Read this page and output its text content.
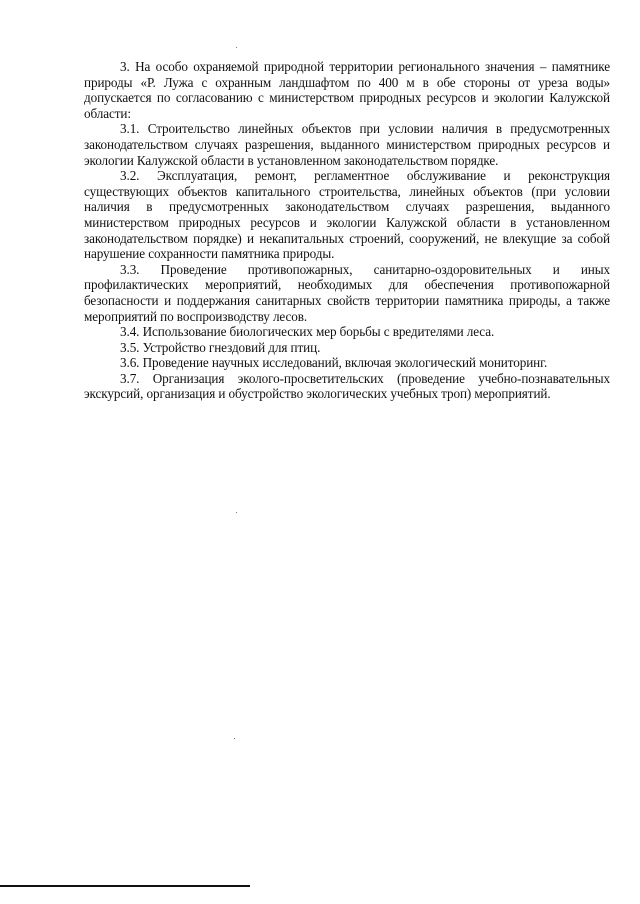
3. На особо охраняемой природной территории регионального значения – памятнике природы «Р. Лужа с охранным ландшафтом по 400 м в обе стороны от уреза воды» допускается по согласованию с министерством природных ресурсов и экологии Калужской области:

3.1. Строительство линейных объектов при условии наличия в предусмотренных законодательством случаях разрешения, выданного министерством природных ресурсов и экологии Калужской области в установленном законодательством порядке.

3.2. Эксплуатация, ремонт, регламентное обслуживание и реконструкция существующих объектов капитального строительства, линейных объектов (при условии наличия в предусмотренных законодательством случаях разрешения, выданного министерством природных ресурсов и экологии Калужской области в установленном законодательством порядке) и некапитальных строений, сооружений, не влекущие за собой нарушение сохранности памятника природы.

3.3. Проведение противопожарных, санитарно-оздоровительных и иных профилактических мероприятий, необходимых для обеспечения противопожарной безопасности и поддержания санитарных свойств территории памятника природы, а также мероприятий по воспроизводству лесов.

3.4. Использование биологических мер борьбы с вредителями леса.

3.5. Устройство гнездовий для птиц.

3.6. Проведение научных исследований, включая экологический мониторинг.

3.7. Организация эколого-просветительских (проведение учебно-познавательных экскурсий, организация и обустройство экологических учебных троп) мероприятий.
